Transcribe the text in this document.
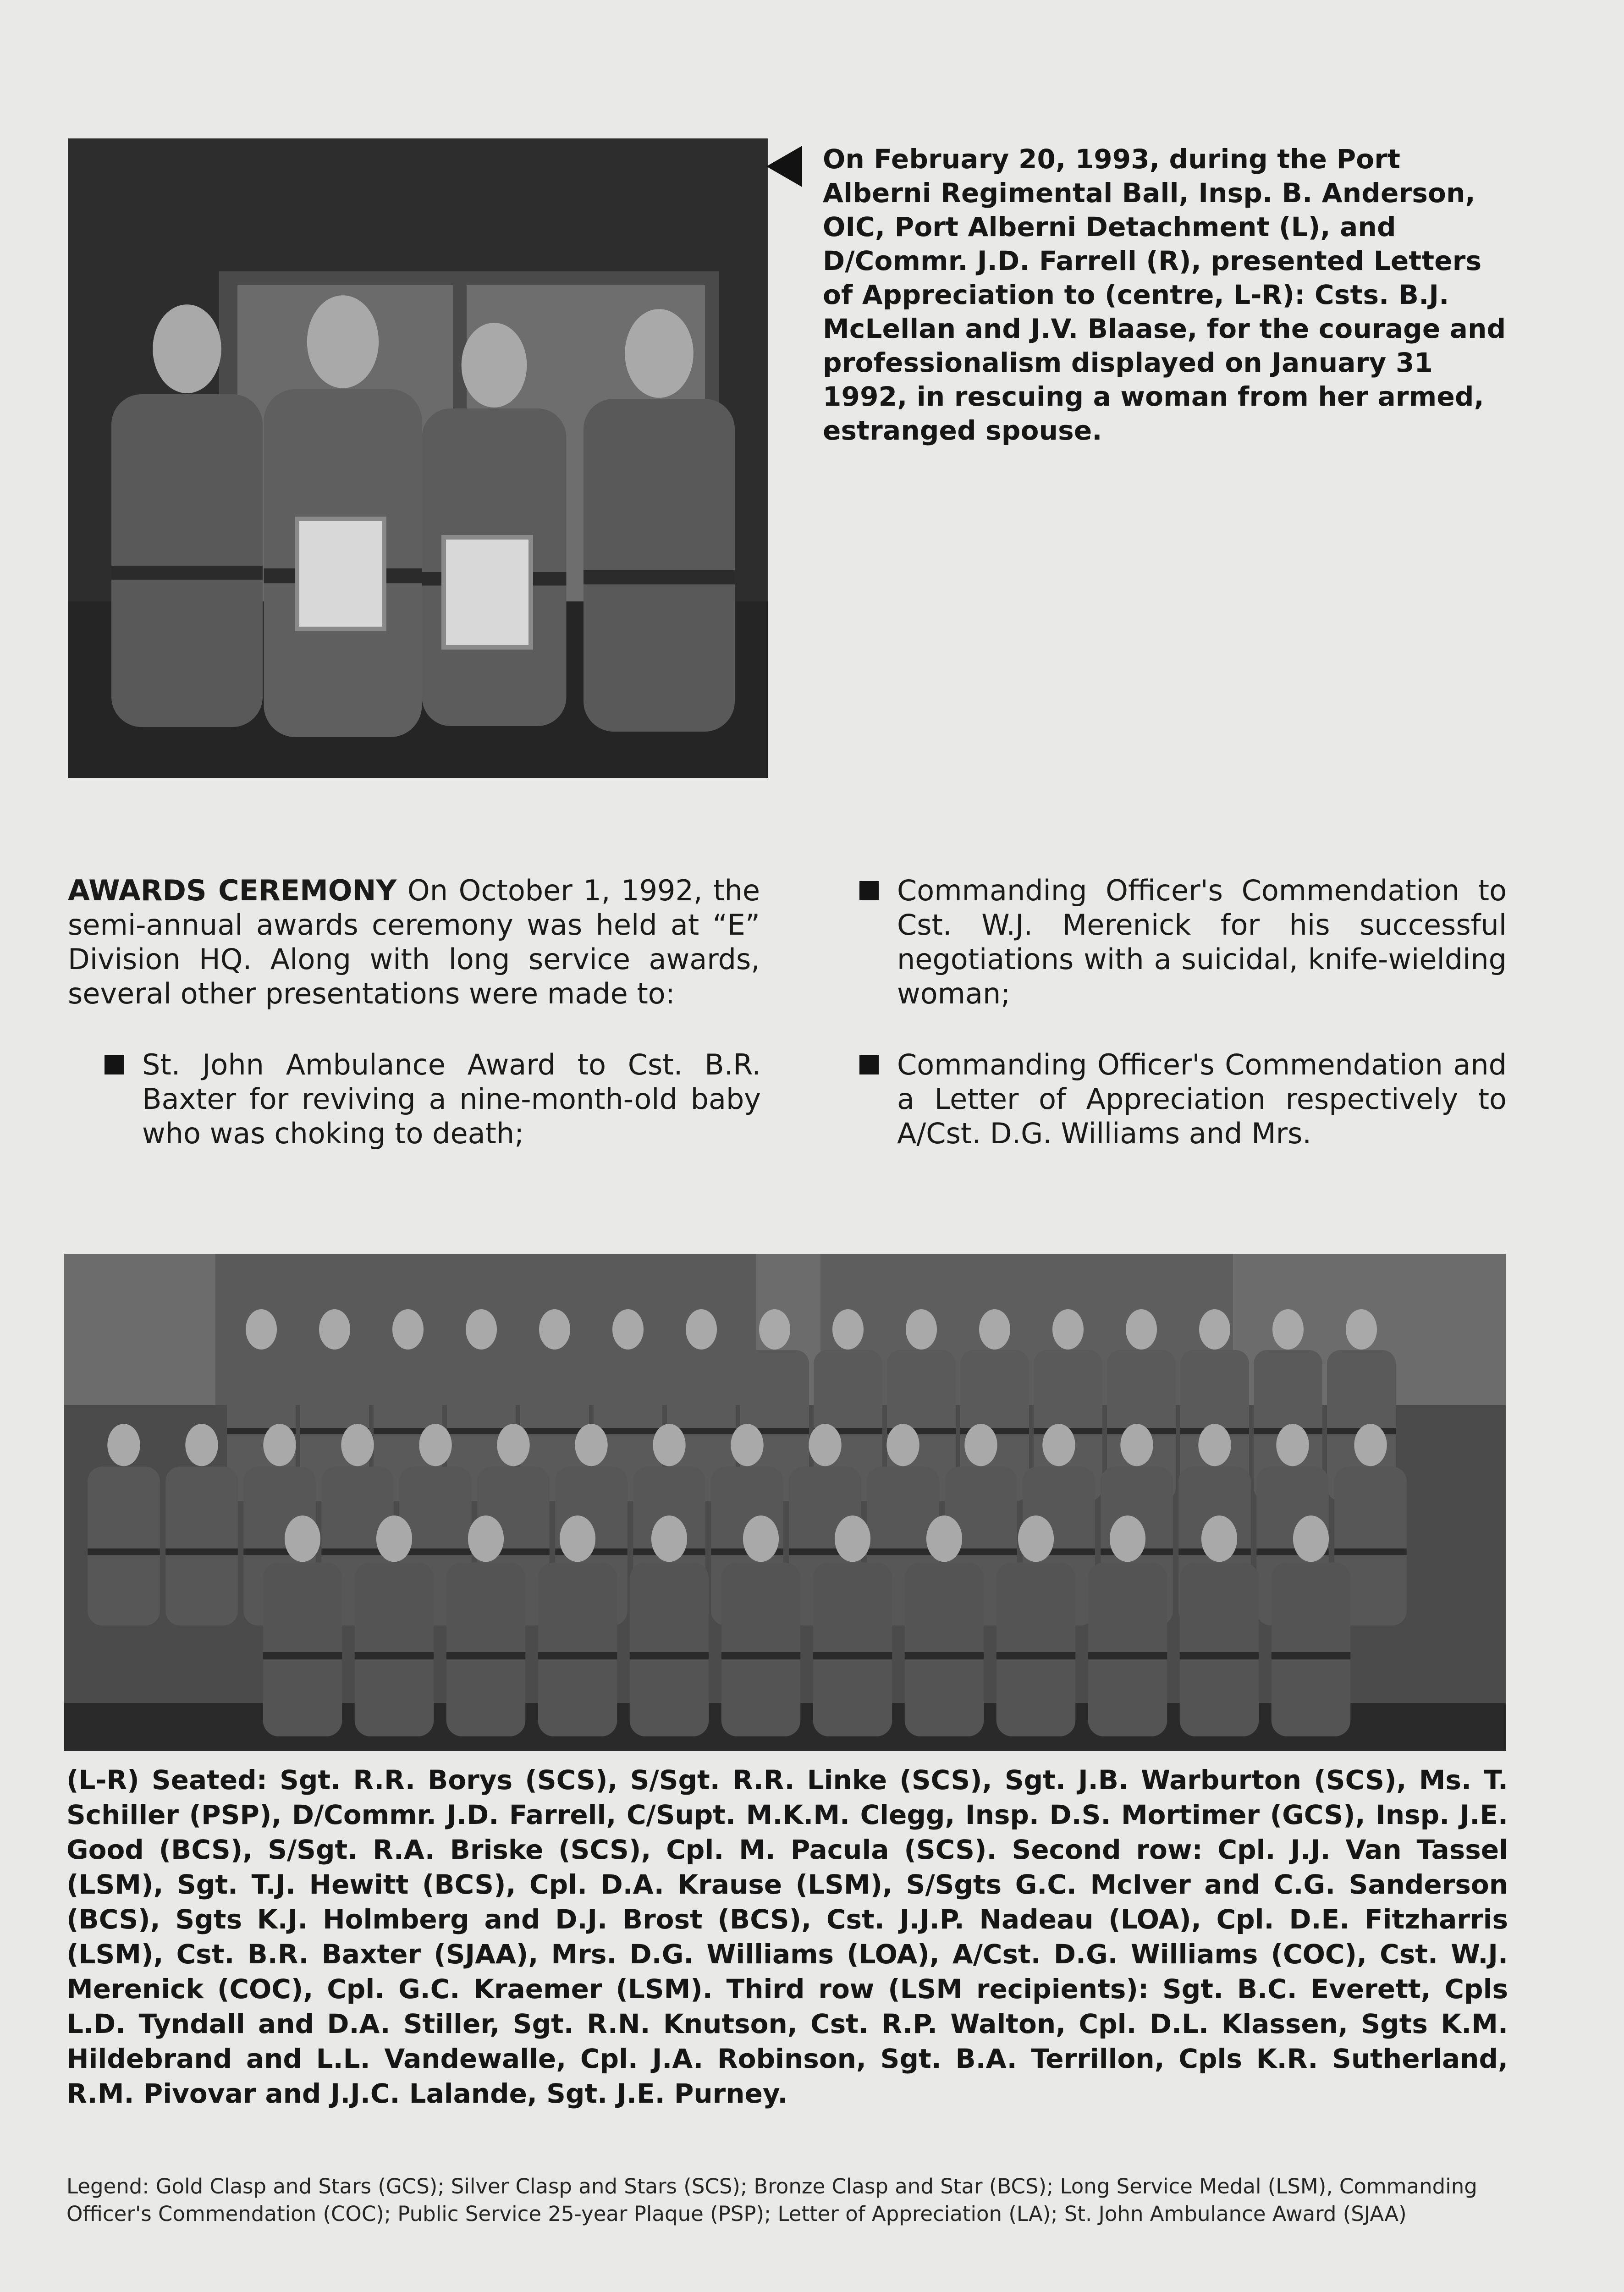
On February 20, 1993, during the Port Alberni Regimental Ball, Insp. B. Anderson, OIC, Port Alberni Detachment (L), and D/Commr. J.D. Farrell (R), presented Letters of Appreciation to (centre, L-R): Csts. B.J. McLellan and J.V. Blaase, for the courage and professionalism displayed on January 31 1992, in rescuing a woman from her armed, estranged spouse.

AWARDS CEREMONY On October 1, 1992, the semi-annual awards ceremony was held at “E” Division HQ. Along with long service awards, several other presentations were made to:

St. John Ambulance Award to Cst. B.R. Baxter for reviving a nine-month-old baby who was choking to death;
Commanding Officer's Commendation to Cst. W.J. Merenick for his successful negotiations with a suicidal, knife-wielding woman;
Commanding Officer's Commendation and a Letter of Appreciation respectively to A/Cst. D.G. Williams and Mrs.
(L-R) Seated: Sgt. R.R. Borys (SCS), S/Sgt. R.R. Linke (SCS), Sgt. J.B. Warburton (SCS), Ms. T. Schiller (PSP), D/Commr. J.D. Farrell, C/Supt. M.K.M. Clegg, Insp. D.S. Mortimer (GCS), Insp. J.E. Good (BCS), S/Sgt. R.A. Briske (SCS), Cpl. M. Pacula (SCS). Second row: Cpl. J.J. Van Tassel (LSM), Sgt. T.J. Hewitt (BCS), Cpl. D.A. Krause (LSM), S/Sgts G.C. McIver and C.G. Sanderson (BCS), Sgts K.J. Holmberg and D.J. Brost (BCS), Cst. J.J.P. Nadeau (LOA), Cpl. D.E. Fitzharris (LSM), Cst. B.R. Baxter (SJAA), Mrs. D.G. Williams (LOA), A/Cst. D.G. Williams (COC), Cst. W.J. Merenick (COC), Cpl. G.C. Kraemer (LSM). Third row (LSM recipients): Sgt. B.C. Everett, Cpls L.D. Tyndall and D.A. Stiller, Sgt. R.N. Knutson, Cst. R.P. Walton, Cpl. D.L. Klassen, Sgts K.M. Hildebrand and L.L. Vandewalle, Cpl. J.A. Robinson, Sgt. B.A. Terrillon, Cpls K.R. Sutherland, R.M. Pivovar and J.J.C. Lalande, Sgt. J.E. Purney.
Legend: Gold Clasp and Stars (GCS); Silver Clasp and Stars (SCS); Bronze Clasp and Star (BCS); Long Service Medal (LSM), Commanding Officer's Commendation (COC); Public Service 25-year Plaque (PSP); Letter of Appreciation (LA); St. John Ambulance Award (SJAA)
